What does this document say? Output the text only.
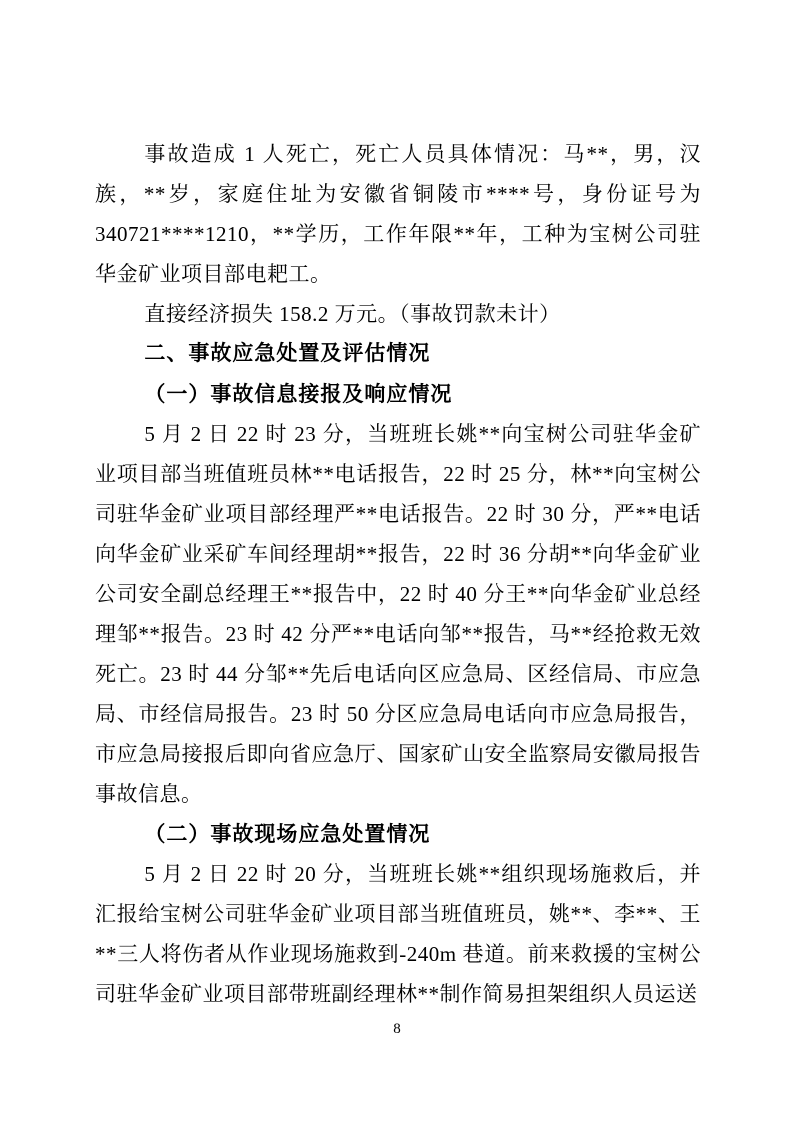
事故造成 1 人死亡，死亡人员具体情况：马**，男，汉族，**岁，家庭住址为安徽省铜陵市****号，身份证号为 340721****1210，**学历，工作年限**年，工种为宝树公司驻华金矿业项目部电耙工。

直接经济损失 158.2 万元。（事故罚款未计）

二、事故应急处置及评估情况

（一）事故信息接报及响应情况

5 月 2 日 22 时 23 分，当班班长姚**向宝树公司驻华金矿业项目部当班值班员林**电话报告，22 时 25 分，林**向宝树公司驻华金矿业项目部经理严**电话报告。22 时 30 分，严**电话向华金矿业采矿车间经理胡**报告，22 时 36 分胡**向华金矿业公司安全副总经理王**报告中，22 时 40 分王**向华金矿业总经理邹**报告。23 时 42 分严**电话向邹**报告，马**经抢救无效死亡。23 时 44 分邹**先后电话向区应急局、区经信局、市应急局、市经信局报告。23 时 50 分区应急局电话向市应急局报告，市应急局接报后即向省应急厅、国家矿山安全监察局安徽局报告事故信息。

（二）事故现场应急处置情况

5 月 2 日 22 时 20 分，当班班长姚**组织现场施救后，并汇报给宝树公司驻华金矿业项目部当班值班员，姚**、李**、王**三人将伤者从作业现场施救到-240m 巷道。前来救援的宝树公司驻华金矿业项目部带班副经理林**制作简易担架组织人员运送

8
